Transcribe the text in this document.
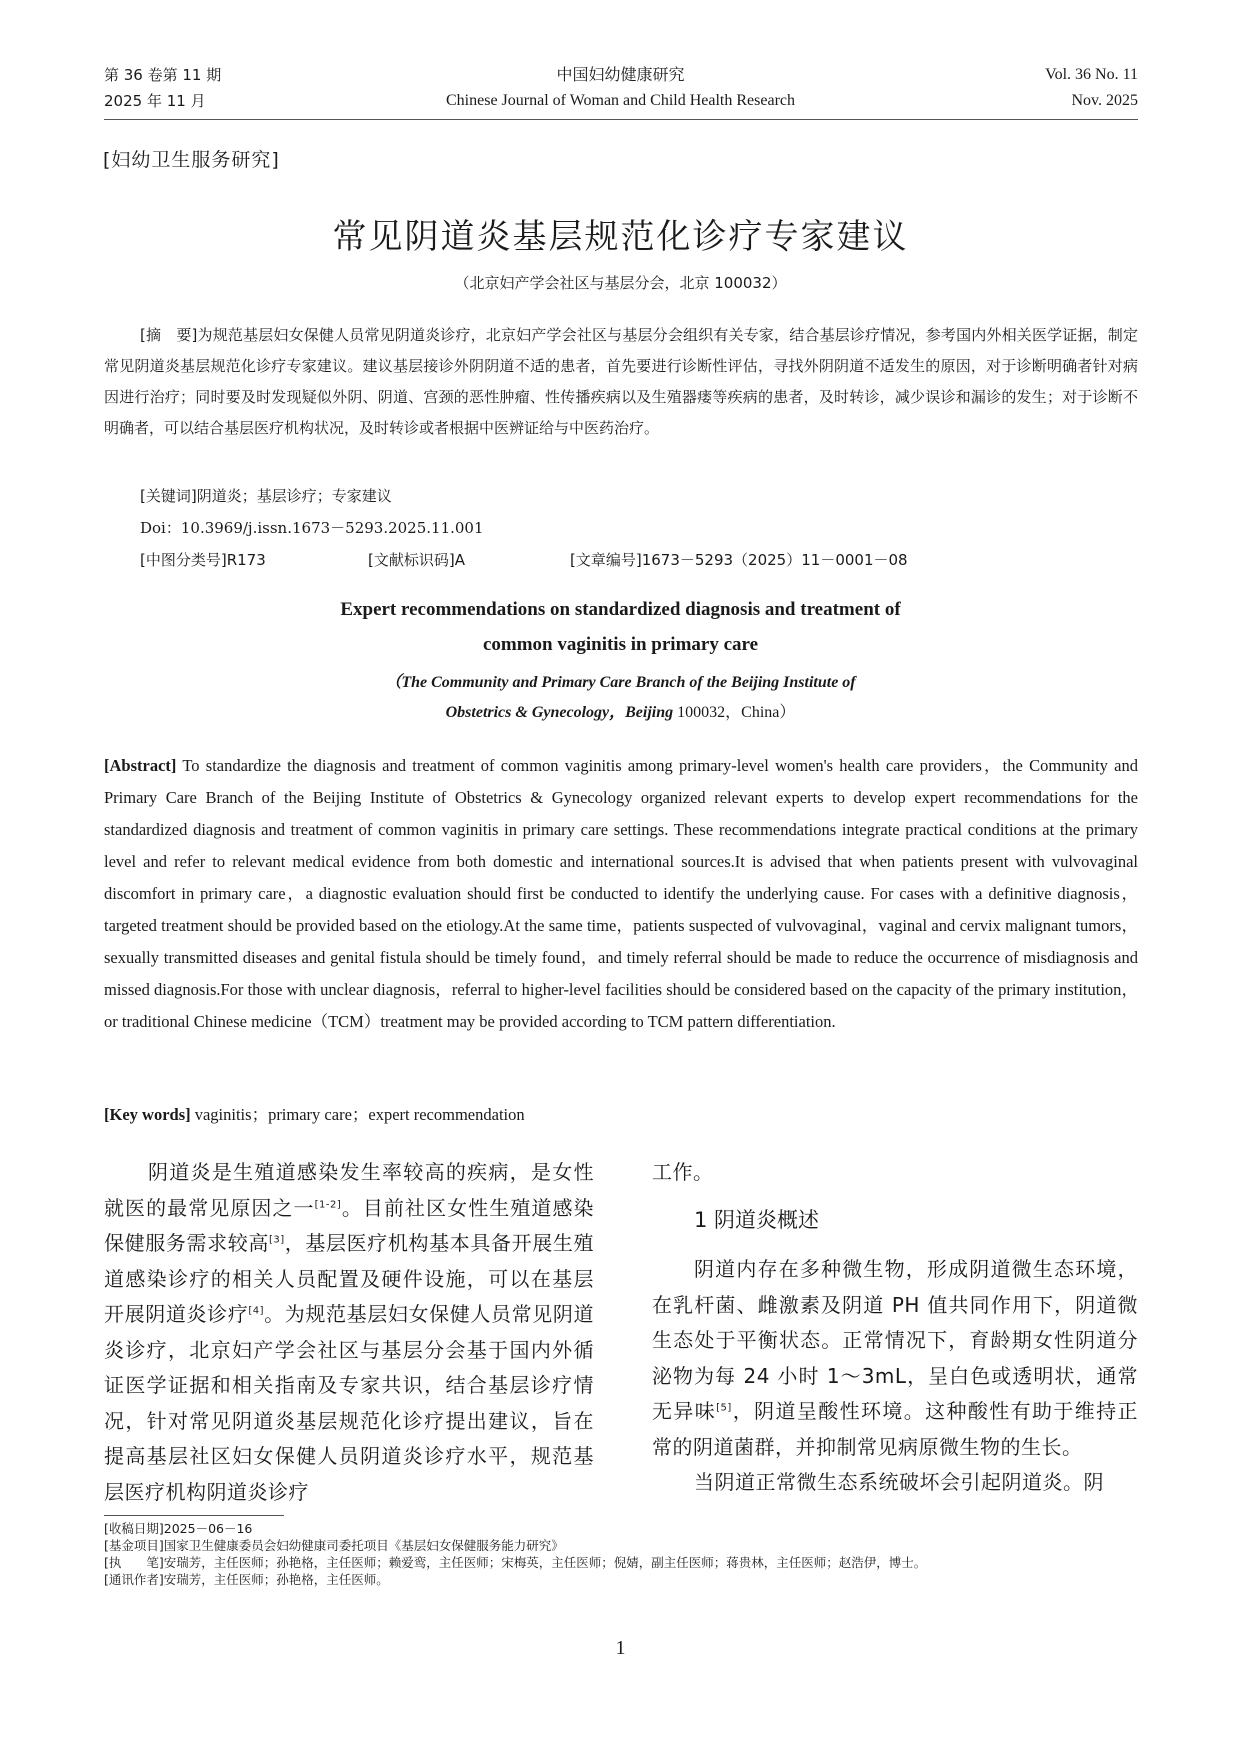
第 36 卷第 11 期
2025 年 11 月
中国妇幼健康研究
Chinese Journal of Woman and Child Health Research
Vol. 36 No. 11
Nov. 2025
[妇幼卫生服务研究]
常见阴道炎基层规范化诊疗专家建议
（北京妇产学会社区与基层分会，北京 100032）

[摘　要]为规范基层妇女保健人员常见阴道炎诊疗，北京妇产学会社区与基层分会组织有关专家，结合基层诊疗情况，参考国内外相关医学证据，制定常见阴道炎基层规范化诊疗专家建议。建议基层接诊外阴阴道不适的患者，首先要进行诊断性评估，寻找外阴阴道不适发生的原因，对于诊断明确者针对病因进行治疗；同时要及时发现疑似外阴、阴道、宫颈的恶性肿瘤、性传播疾病以及生殖器瘘等疾病的患者，及时转诊，减少误诊和漏诊的发生；对于诊断不明确者，可以结合基层医疗机构状况，及时转诊或者根据中医辨证给与中医药治疗。

[关键词]阴道炎；基层诊疗；专家建议
Doi：10.3969/j.issn.1673－5293.2025.11.001
[中图分类号]R173	[文献标识码]A	[文章编号]1673－5293（2025）11－0001－08
Expert recommendations on standardized diagnosis and treatment of
common vaginitis in primary care
（The Community and Primary Care Branch of the Beijing Institute of
Obstetrics & Gynecology，Beijing 100032，China）

[Abstract] To standardize the diagnosis and treatment of common vaginitis among primary-level women's health care providers，the Community and Primary Care Branch of the Beijing Institute of Obstetrics & Gynecology organized relevant experts to develop expert recommendations for the standardized diagnosis and treatment of common vaginitis in primary care settings. These recommendations integrate practical conditions at the primary level and refer to relevant medical evidence from both domestic and international sources.It is advised that when patients present with vulvovaginal discomfort in primary care，a diagnostic evaluation should first be conducted to identify the underlying cause. For cases with a definitive diagnosis，targeted treatment should be provided based on the etiology.At the same time，patients suspected of vulvovaginal，vaginal and cervix malignant tumors，sexually transmitted diseases and genital fistula should be timely found，and timely referral should be made to reduce the occurrence of misdiagnosis and missed diagnosis.For those with unclear diagnosis，referral to higher-level facilities should be considered based on the capacity of the primary institution，or traditional Chinese medicine（TCM）treatment may be provided according to TCM pattern differentiation.

[Key words] vaginitis；primary care；expert recommendation

阴道炎是生殖道感染发生率较高的疾病，是女性就医的最常见原因之一[1-2]。目前社区女性生殖道感染保健服务需求较高[3]，基层医疗机构基本具备开展生殖道感染诊疗的相关人员配置及硬件设施，可以在基层开展阴道炎诊疗[4]。为规范基层妇女保健人员常见阴道炎诊疗，北京妇产学会社区与基层分会基于国内外循证医学证据和相关指南及专家共识，结合基层诊疗情况，针对常见阴道炎基层规范化诊疗提出建议，旨在提高基层社区妇女保健人员阴道炎诊疗水平，规范基层医疗机构阴道炎诊疗

工作。

1 阴道炎概述

阴道内存在多种微生物，形成阴道微生态环境，在乳杆菌、雌激素及阴道 PH 值共同作用下，阴道微生态处于平衡状态。正常情况下，育龄期女性阴道分泌物为每 24 小时 1～3mL，呈白色或透明状，通常无异味[5]，阴道呈酸性环境。这种酸性有助于维持正常的阴道菌群，并抑制常见病原微生物的生长。

当阴道正常微生态系统破坏会引起阴道炎。阴

[收稿日期]2025－06－16
[基金项目]国家卫生健康委员会妇幼健康司委托项目《基层妇女保健服务能力研究》
[执　　笔]安瑞芳，主任医师；孙艳格，主任医师；赖爱鸾，主任医师；宋梅英，主任医师；倪婧，副主任医师；蒋贵林，主任医师；赵浩伊，博士。
[通讯作者]安瑞芳，主任医师；孙艳格，主任医师。
1
